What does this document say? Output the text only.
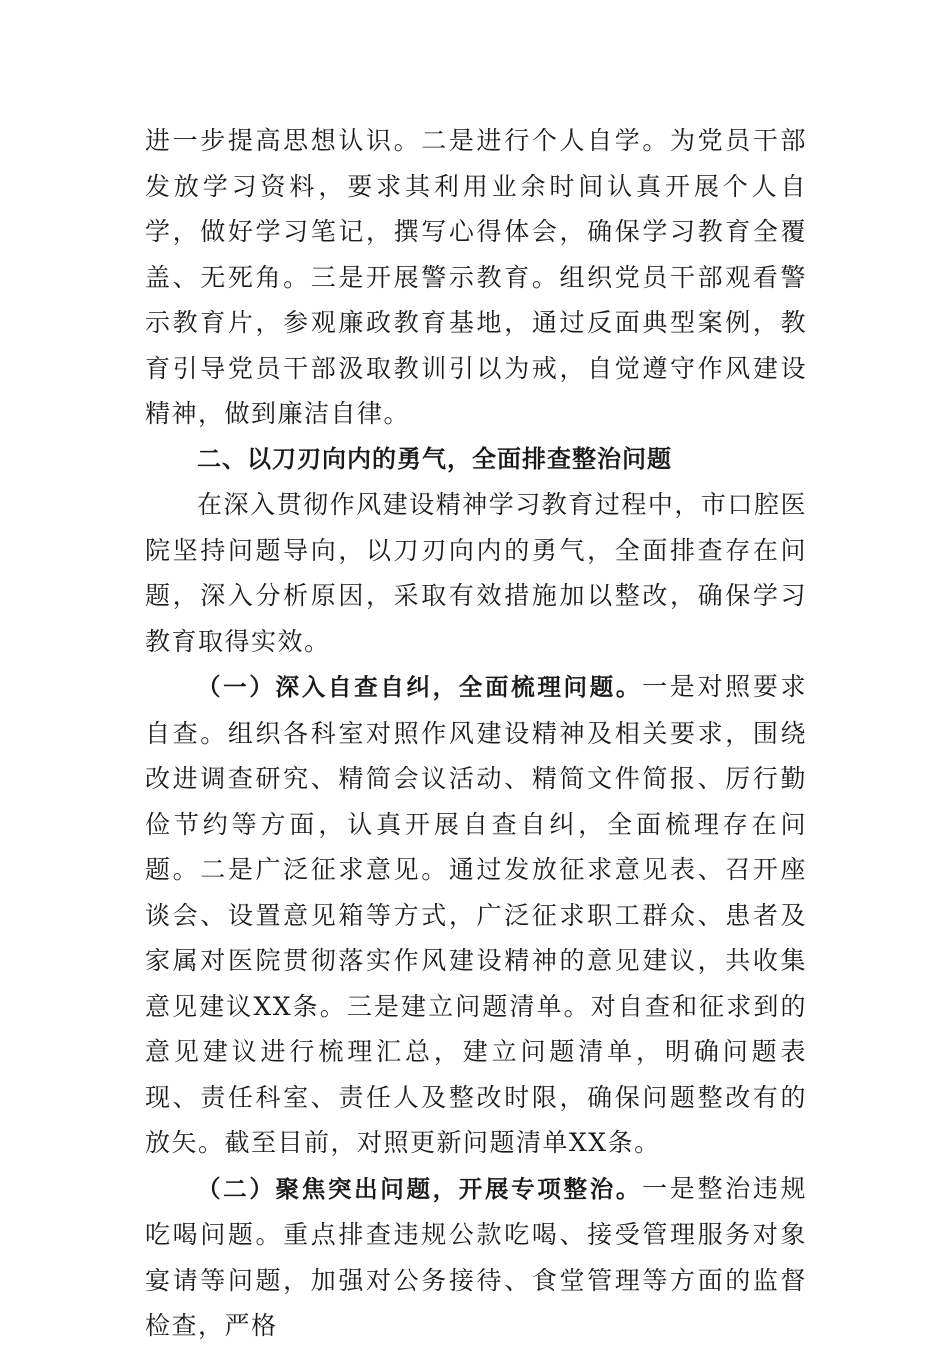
进一步提高思想认识。二是进行个人自学。为党员干部发放学习资料，要求其利用业余时间认真开展个人自学，做好学习笔记，撰写心得体会，确保学习教育全覆盖、无死角。三是开展警示教育。组织党员干部观看警示教育片，参观廉政教育基地，通过反面典型案例，教育引导党员干部汲取教训引以为戒，自觉遵守作风建设精神，做到廉洁自律。

二、以刀刃向内的勇气，全面排查整治问题

在深入贯彻作风建设精神学习教育过程中，市口腔医院坚持问题导向，以刀刃向内的勇气，全面排查存在问题，深入分析原因，采取有效措施加以整改，确保学习教育取得实效。

（一）深入自查自纠，全面梳理问题。一是对照要求自查。组织各科室对照作风建设精神及相关要求，围绕改进调查研究、精简会议活动、精简文件简报、厉行勤俭节约等方面，认真开展自查自纠，全面梳理存在问题。二是广泛征求意见。通过发放征求意见表、召开座谈会、设置意见箱等方式，广泛征求职工群众、患者及家属对医院贯彻落实作风建设精神的意见建议，共收集意见建议XX条。三是建立问题清单。对自查和征求到的意见建议进行梳理汇总，建立问题清单，明确问题表现、责任科室、责任人及整改时限，确保问题整改有的放矢。截至目前，对照更新问题清单XX条。

（二）聚焦突出问题，开展专项整治。一是整治违规吃喝问题。重点排查违规公款吃喝、接受管理服务对象宴请等问题，加强对公务接待、食堂管理等方面的监督检查，严格
